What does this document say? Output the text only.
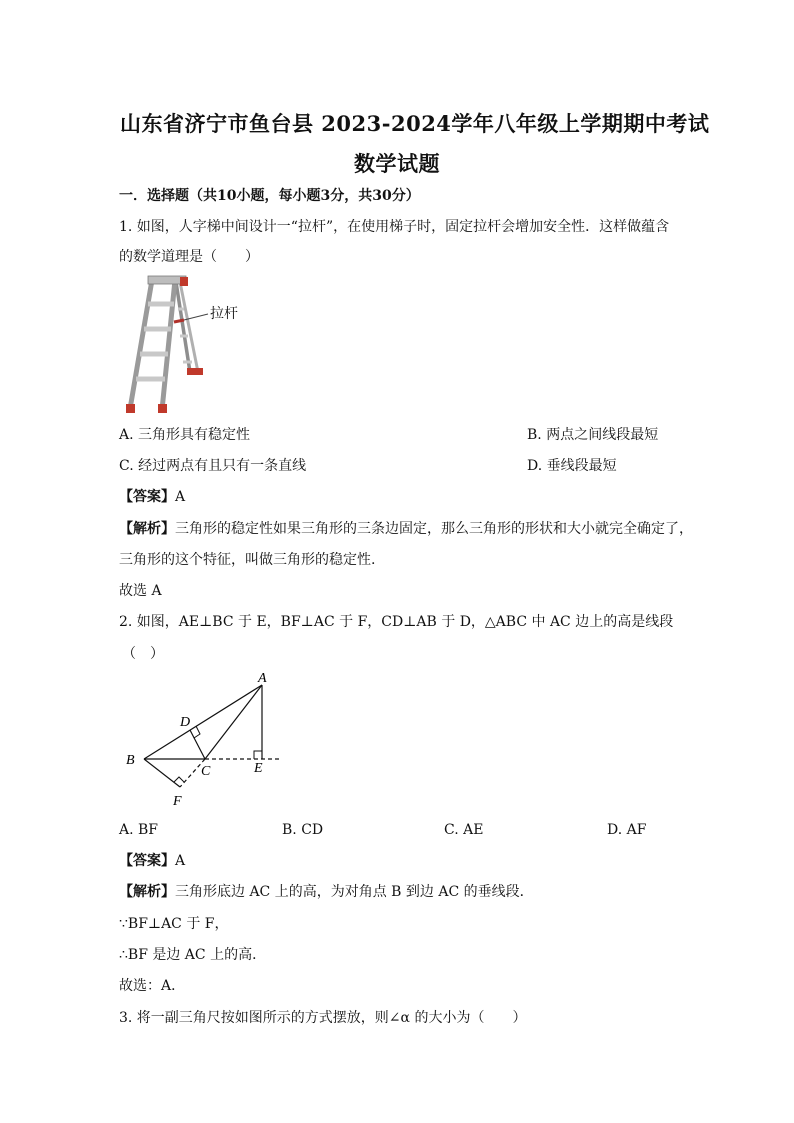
山东省济宁市鱼台县 2023-2024学年八年级上学期期中考试
数学试题
一．选择题（共10小题，每小题3分，共30分）
1. 如图，人字梯中间设计一“拉杆”，在使用梯子时，固定拉杆会增加安全性．这样做蕴含
的数学道理是（　　）
拉杆
A. 三角形具有稳定性	B. 两点之间线段最短
C. 经过两点有且只有一条直线	D. 垂线段最短
【答案】A
【解析】三角形的稳定性如果三角形的三条边固定，那么三角形的形状和大小就完全确定了，
三角形的这个特征，叫做三角形的稳定性.
故选 A
2. 如图，AE⊥BC 于 E，BF⊥AC 于 F，CD⊥AB 于 D，△ABC 中 AC 边上的高是线段
（　）
A
D
B
C	E
F
A. BF	B. CD	C. AE	D. AF
【答案】A
【解析】三角形底边 AC 上的高，为对角点 B 到边 AC 的垂线段．
∵BF⊥AC 于 F，
∴BF 是边 AC 上的高．
故选：A．
3. 将一副三角尺按如图所示的方式摆放，则∠α 的大小为（　　）
